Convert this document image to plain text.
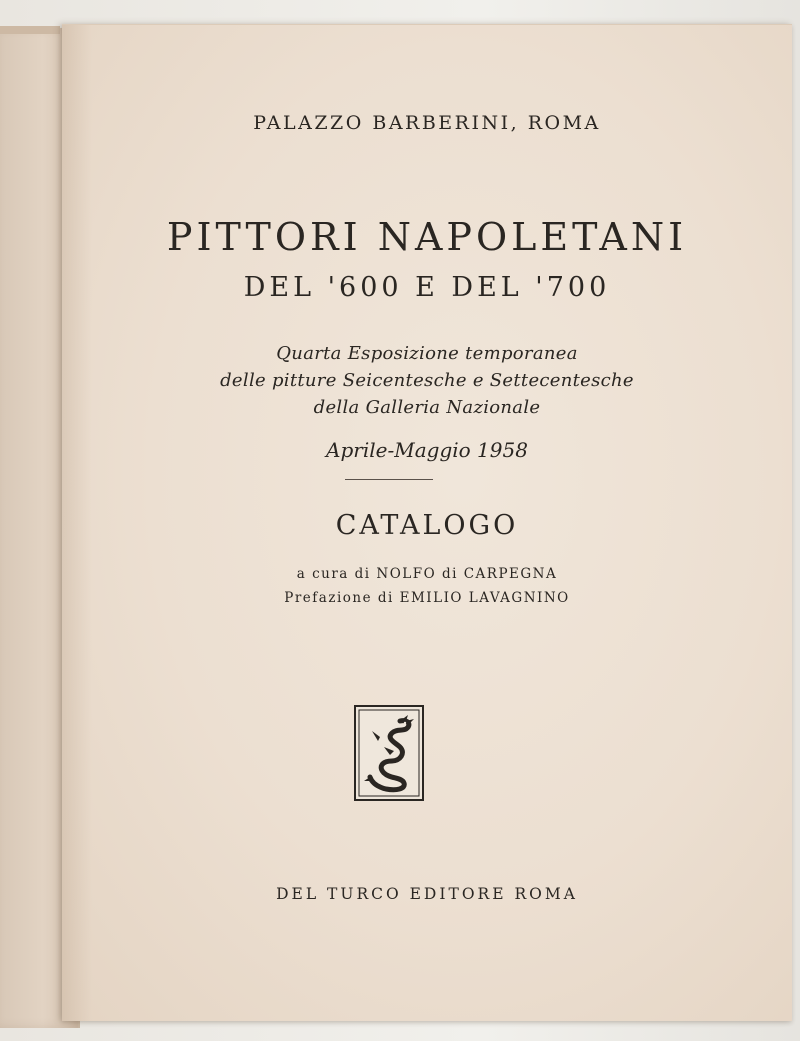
PALAZZO BARBERINI, ROMA
PITTORI NAPOLETANI
DEL '600 E DEL '700
Quarta Esposizione temporanea
delle pitture Seicentesche e Settecentesche
della Galleria Nazionale
Aprile-Maggio 1958
CATALOGO
a cura di NOLFO di CARPEGNA
Prefazione di EMILIO LAVAGNINO
DEL TURCO EDITORE ROMA
